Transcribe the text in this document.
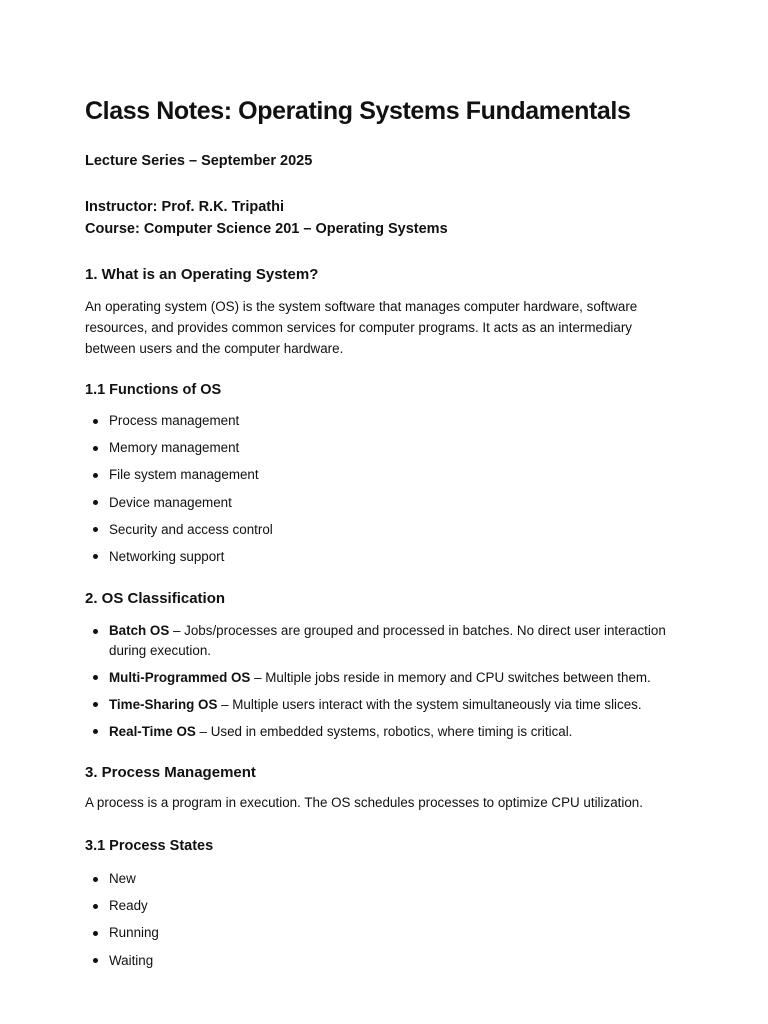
Class Notes: Operating Systems Fundamentals
Lecture Series – September 2025
Instructor: Prof. R.K. Tripathi
Course: Computer Science 201 – Operating Systems
1. What is an Operating System?

An operating system (OS) is the system software that manages computer hardware, software resources, and provides common services for computer programs. It acts as an intermediary between users and the computer hardware.

1.1 Functions of OS
Process management
Memory management
File system management
Device management
Security and access control
Networking support
2. OS Classification
Batch OS – Jobs/processes are grouped and processed in batches. No direct user interaction during execution.
Multi-Programmed OS – Multiple jobs reside in memory and CPU switches between them.
Time-Sharing OS – Multiple users interact with the system simultaneously via time slices.
Real-Time OS – Used in embedded systems, robotics, where timing is critical.
3. Process Management

A process is a program in execution. The OS schedules processes to optimize CPU utilization.

3.1 Process States
New
Ready
Running
Waiting
